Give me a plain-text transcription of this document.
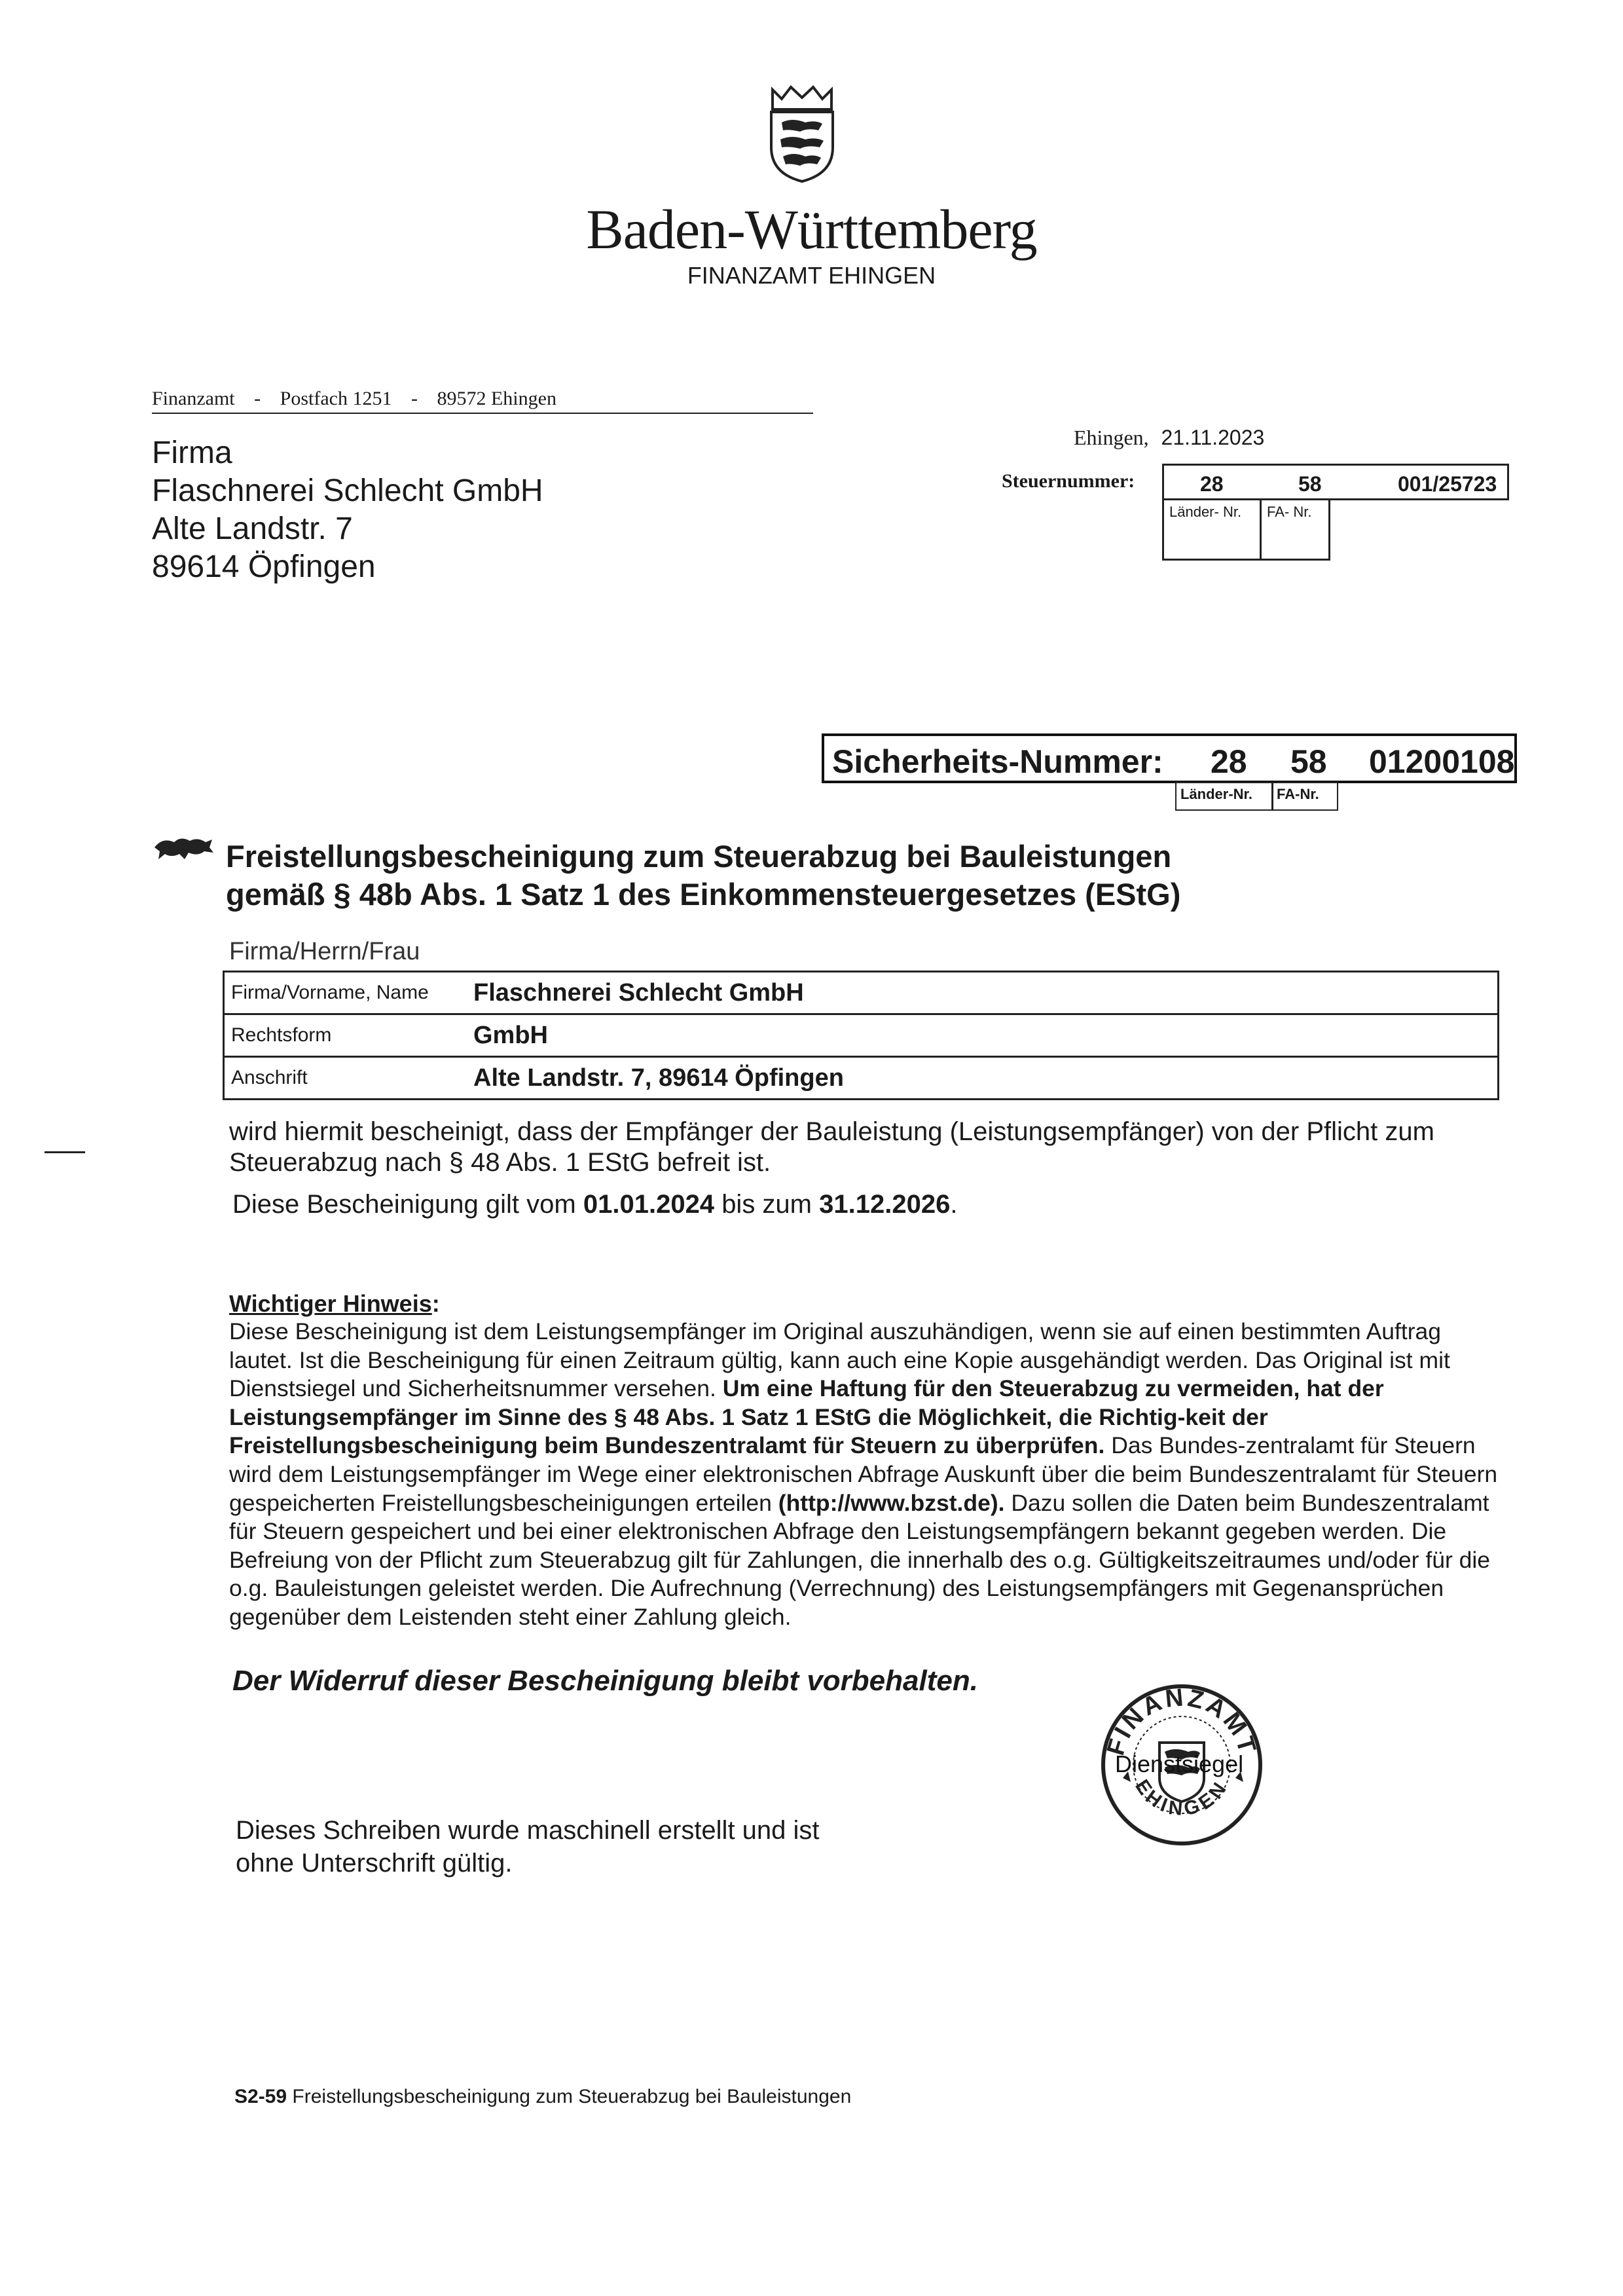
Baden-Württemberg
FINANZAMT EHINGEN
Finanzamt - Postfach 1251 - 89572 Ehingen
Firma
Flaschnerei Schlecht GmbH
Alte Landstr. 7
89614 Öpfingen
Ehingen, 21.11.2023
Steuernummer:	28	58	001/25723
Länder- Nr.	FA- Nr.
Sicherheits-Nummer: 28 58 01200108
Länder-Nr.	FA-Nr.
Freistellungsbescheinigung zum Steuerabzug bei Bauleistungen
gemäß § 48b Abs. 1 Satz 1 des Einkommensteuergesetzes (EStG)
Firma/Herrn/Frau
Firma/Vorname, Name	Flaschnerei Schlecht GmbH
Rechtsform	GmbH
Anschrift	Alte Landstr. 7, 89614 Öpfingen
wird hiermit bescheinigt, dass der Empfänger der Bauleistung (Leistungsempfänger) von der Pflicht zum Steuerabzug nach § 48 Abs. 1 EStG befreit ist.
Diese Bescheinigung gilt vom 01.01.2024 bis zum 31.12.2026.
Wichtiger Hinweis:
Diese Bescheinigung ist dem Leistungsempfänger im Original auszuhändigen, wenn sie auf einen bestimmten Auftrag lautet. Ist die Bescheinigung für einen Zeitraum gültig, kann auch eine Kopie ausgehändigt werden. Das Original ist mit Dienstsiegel und Sicherheitsnummer versehen. Um eine Haftung für den Steuerabzug zu vermeiden, hat der Leistungsempfänger im Sinne des § 48 Abs. 1 Satz 1 EStG die Möglichkeit, die Richtig-keit der Freistellungsbescheinigung beim Bundeszentralamt für Steuern zu überprüfen. Das Bundes-zentralamt für Steuern wird dem Leistungsempfänger im Wege einer elektronischen Abfrage Auskunft über die beim Bundeszentralamt für Steuern gespeicherten Freistellungsbescheinigungen erteilen (http://www.bzst.de). Dazu sollen die Daten beim Bundeszentralamt für Steuern gespeichert und bei einer elektronischen Abfrage den Leistungsempfängern bekannt gegeben werden. Die Befreiung von der Pflicht zum Steuerabzug gilt für Zahlungen, die innerhalb des o.g. Gültigkeitszeitraumes und/oder für die o.g. Bauleistungen geleistet werden. Die Aufrechnung (Verrechnung) des Leistungsempfängers mit Gegenansprüchen gegenüber dem Leistenden steht einer Zahlung gleich.
Der Widerruf dieser Bescheinigung bleibt vorbehalten.
Dieses Schreiben wurde maschinell erstellt und ist
ohne Unterschrift gültig.
FINANZAMT
EHINGEN
Dienstsiegel
S2-59 Freistellungsbescheinigung zum Steuerabzug bei Bauleistungen
